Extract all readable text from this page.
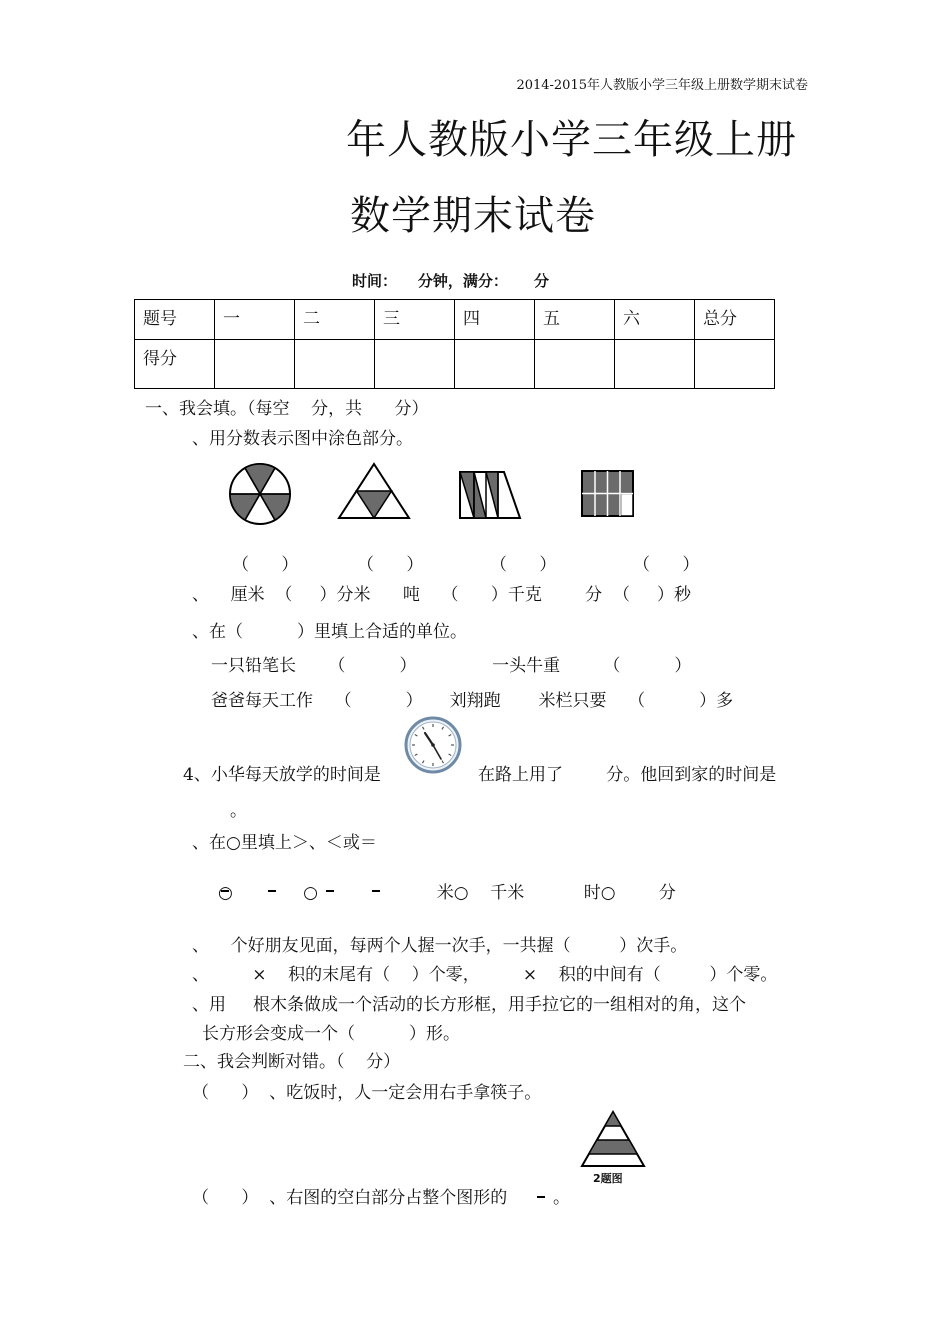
2014-2015年人教版小学三年级上册数学期末试卷
年人教版小学三年级上册
数学期末试卷
时间：    分钟，满分：     分
题号	一	二	三	四	五	六	总分
得分							
一、我会填。（每空    分，共      分）
、用分数表示图中涂色部分。
（      ）	（      ）	（      ）	（      ）
、    厘米  （     ）分米      吨    （      ）千克        分  （     ）秒
、在（          ）里填上合适的单位。
一只铅笔长      （          ）              一头牛重        （          ）
爸爸每天工作    （          ）     刘翔跑       米栏只要    （          ）多
4、小华每天放学的时间是	在路上用了        分。他回到家的时间是
。
、在○里填上＞、＜或＝
○             ○                      米○    千米           时○        分
、    个好朋友见面，每两个人握一次手，一共握（         ）次手。
、        ×    积的末尾有（    ）个零，        ×    积的中间有（         ）个零。
、用     根木条做成一个活动的长方形框，用手拉它的一组相对的角，这个
长方形会变成一个（          ）形。
二、我会判断对错。（    分）
（      ）  、吃饭时，人一定会用右手拿筷子。
2题图
（      ）  、右图的空白部分占整个图形的	。
